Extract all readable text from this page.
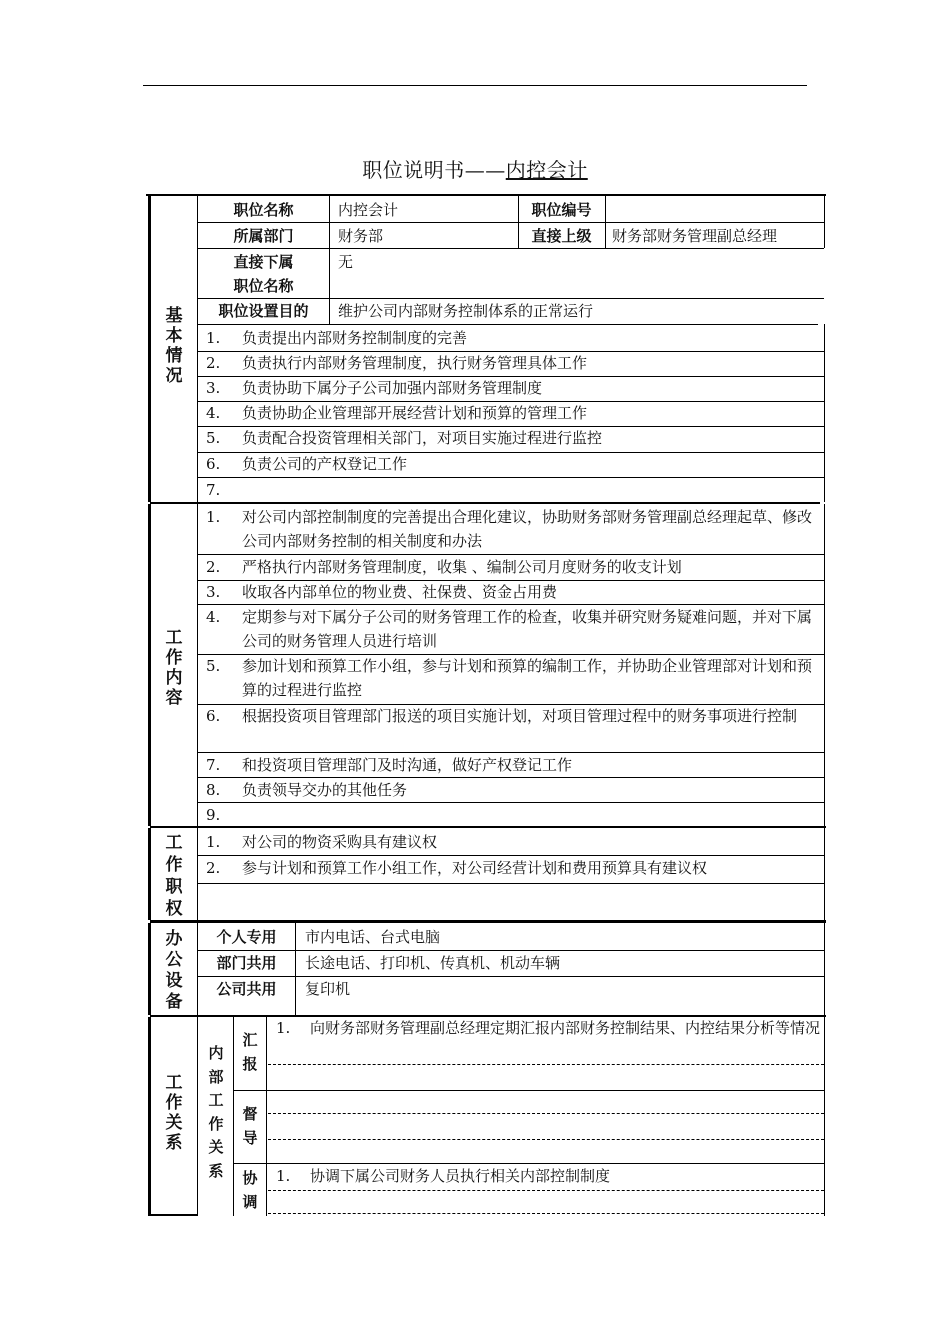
职位说明书——内控会计
基
本
情
况
职位名称	内控会计	职位编号
所属部门	财务部	直接上级	财务部财务管理副总经理
直接下属
职位名称
无
职位设置目的	维护公司内部财务控制体系的正常运行
1.	负责提出内部财务控制制度的完善
2.	负责执行内部财务管理制度，执行财务管理具体工作
3.	负责协助下属分子公司加强内部财务管理制度
4.	负责协助企业管理部开展经营计划和预算的管理工作
5.	负责配合投资管理相关部门，对项目实施过程进行监控
6.	负责公司的产权登记工作
7.
工
作
内
容
1.	对公司内部控制制度的完善提出合理化建议，协助财务部财务管理副总经理起草、修改公司内部财务控制的相关制度和办法
2.	严格执行内部财务管理制度，收集 、编制公司月度财务的收支计划
3.	收取各内部单位的物业费、社保费、资金占用费
4.	定期参与对下属分子公司的财务管理工作的检查，收集并研究财务疑难问题，并对下属公司的财务管理人员进行培训
5.	参加计划和预算工作小组，参与计划和预算的编制工作，并协助企业管理部对计划和预算的过程进行监控
6.	根据投资项目管理部门报送的项目实施计划，对项目管理过程中的财务事项进行控制
7.	和投资项目管理部门及时沟通，做好产权登记工作
8.	负责领导交办的其他任务
9.
工
作
职
权
1.	对公司的物资采购具有建议权
2.	参与计划和预算工作小组工作，对公司经营计划和费用预算具有建议权
办
公
设
备
个人专用	市内电话、台式电脑
部门共用	长途电话、打印机、传真机、机动车辆
公司共用	复印机
工
作
关
系
内
部
工
作
关
系
汇
报
1.	向财务部财务管理副总经理定期汇报内部财务控制结果、内控结果分析等情况
督
导
协
调
1.	协调下属公司财务人员执行相关内部控制制度
